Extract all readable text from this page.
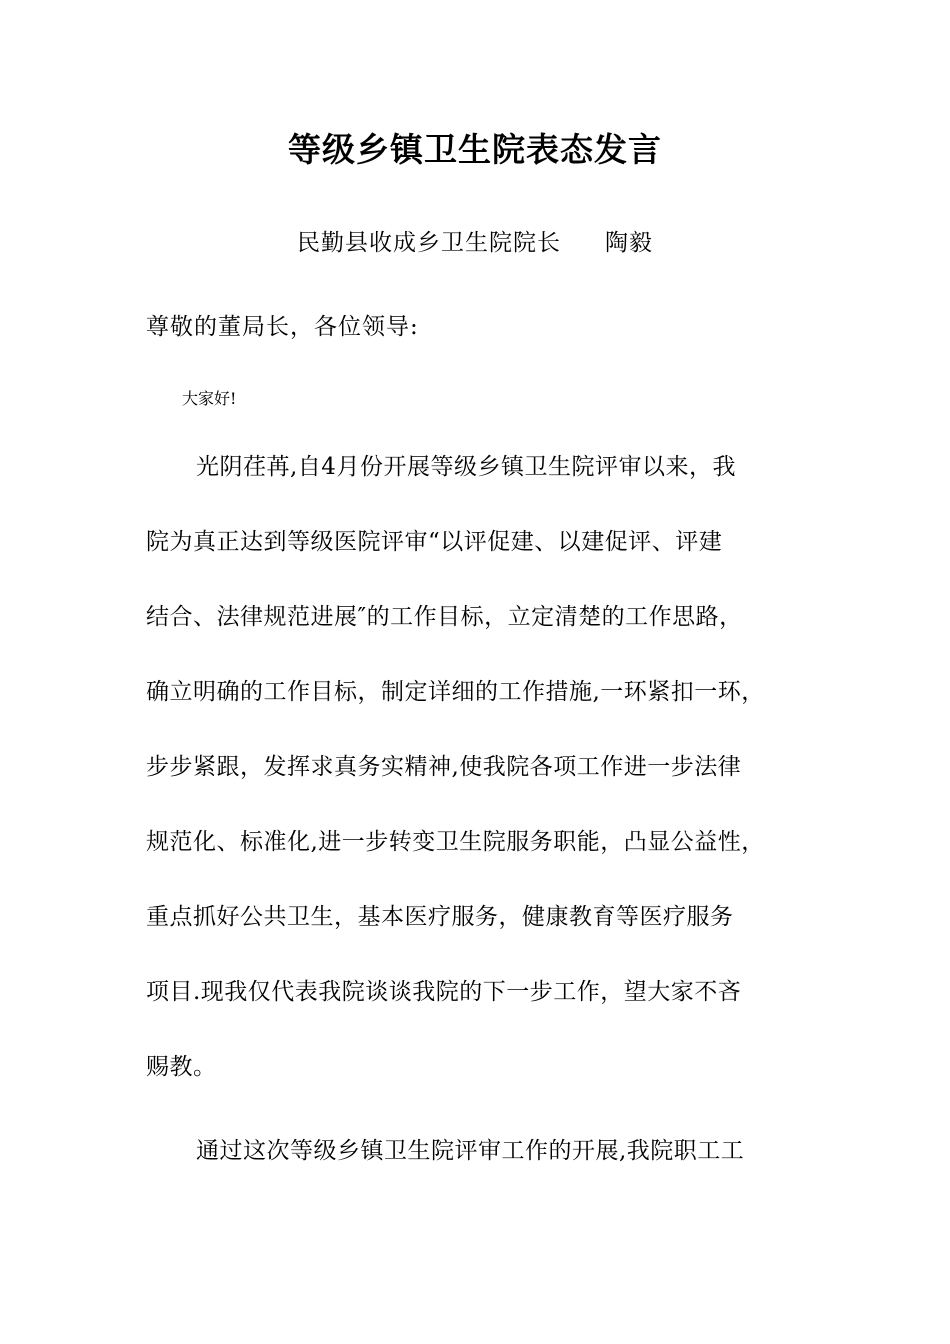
等级乡镇卫生院表态发言
民勤县收成乡卫生院院长 陶毅
尊敬的董局长，各位领导:
大家好!
光阴荏苒,自4月份开展等级乡镇卫生院评审以来，我
院为真正达到等级医院评审“以评促建、以建促评、评建
结合、法律规范进展″的工作目标，立定清楚的工作思路，
确立明确的工作目标，制定详细的工作措施,一环紧扣一环，
步步紧跟，发挥求真务实精神,使我院各项工作进一步法律
规范化、标准化,进一步转变卫生院服务职能，凸显公益性，
重点抓好公共卫生，基本医疗服务，健康教育等医疗服务
项目.现我仅代表我院谈谈我院的下一步工作，望大家不吝
赐教。
通过这次等级乡镇卫生院评审工作的开展,我院职工工
